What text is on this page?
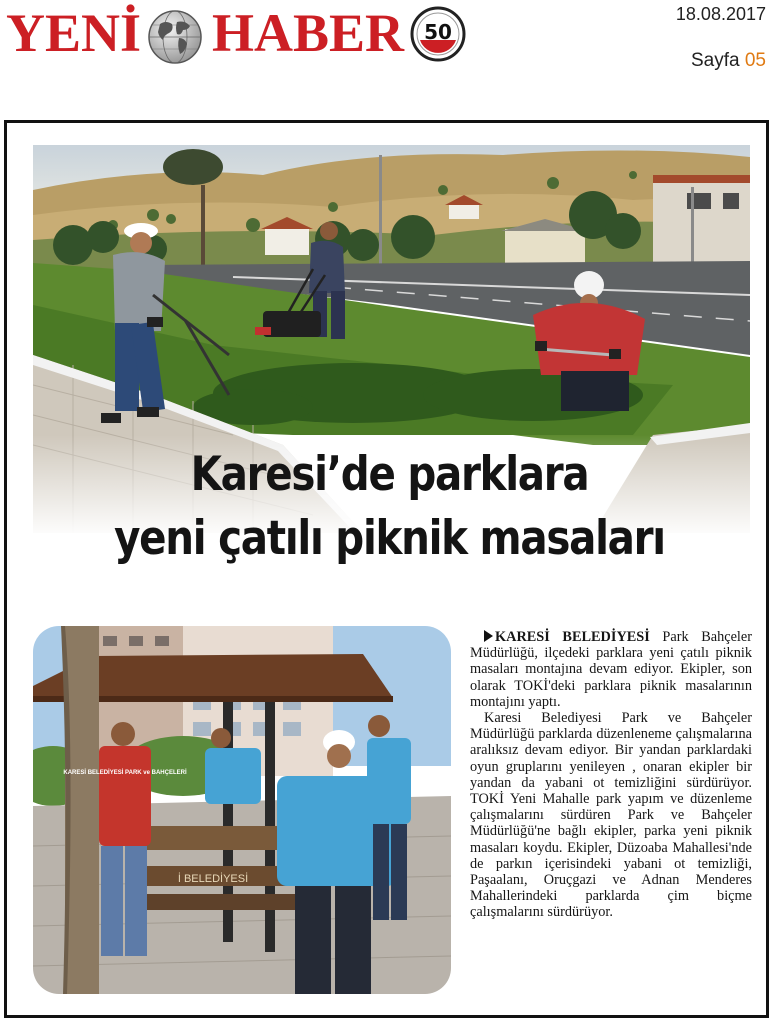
YENİ HABER 50
18.08.2017
Sayfa 05
Karesi’de parklara
yeni çatılı piknik masaları
İ BELEDİYESİ
KARESİ BELEDİYESİ PARK ve BAHÇELERİ

KARESİ BELEDİYESİ Park Bahçeler Müdürlüğü, ilçedeki parklara yeni çatılı piknik masaları montajına devam ediyor. Ekipler, son olarak TOKİ'deki parklara piknik masalarının montajını yaptı.

Karesi Belediyesi Park ve Bahçeler Müdürlüğü parklarda düzenleneme çalışmalarına aralıksız devam ediyor. Bir yandan parklardaki oyun gruplarını yenileyen , onaran ekipler bir yandan da yabani ot temizliğini sürdürüyor. TOKİ Yeni Mahalle park yapım ve düzenleme çalışmalarını sürdüren Park ve Bahçeler Müdürlüğü'ne bağlı ekipler, parka yeni piknik masaları koydu. Ekipler, Düzoaba Mahallesi'nde de parkın içerisindeki yabani ot temizliği, Paşaalanı, Oruçgazi ve Adnan Menderes Mahallerindeki parklarda çim biçme çalışmalarını sürdürüyor.
